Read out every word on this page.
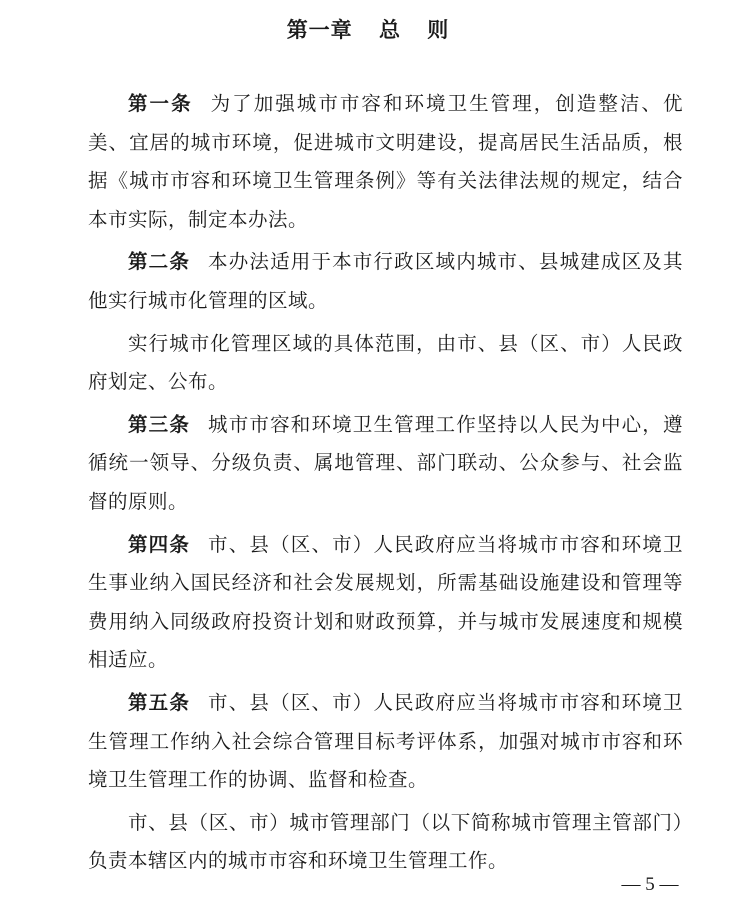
第一章 总 则

第一条 为了加强城市市容和环境卫生管理，创造整洁、优美、宜居的城市环境，促进城市文明建设，提高居民生活品质，根据《城市市容和环境卫生管理条例》等有关法律法规的规定，结合本市实际，制定本办法。

第二条 本办法适用于本市行政区域内城市、县城建成区及其他实行城市化管理的区域。

实行城市化管理区域的具体范围，由市、县（区、市）人民政府划定、公布。

第三条 城市市容和环境卫生管理工作坚持以人民为中心，遵循统一领导、分级负责、属地管理、部门联动、公众参与、社会监督的原则。

第四条 市、县（区、市）人民政府应当将城市市容和环境卫生事业纳入国民经济和社会发展规划，所需基础设施建设和管理等费用纳入同级政府投资计划和财政预算，并与城市发展速度和规模相适应。

第五条 市、县（区、市）人民政府应当将城市市容和环境卫生管理工作纳入社会综合管理目标考评体系，加强对城市市容和环境卫生管理工作的协调、监督和检查。

市、县（区、市）城市管理部门（以下简称城市管理主管部门）负责本辖区内的城市市容和环境卫生管理工作。

— 5 —
